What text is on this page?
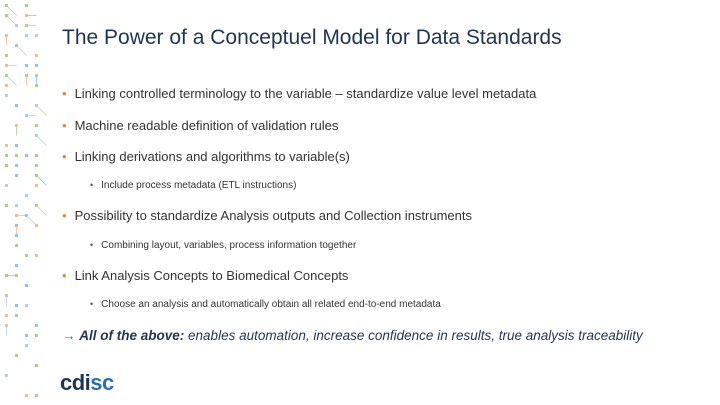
The Power of a Conceptuel Model for Data Standards
• Linking controlled terminology to the variable – standardize value level metadata
• Machine readable definition of validation rules
• Linking derivations and algorithms to variable(s)
• Include process metadata (ETL instructions)
• Possibility to standardize Analysis outputs and Collection instruments
• Combining layout, variables, process information together
• Link Analysis Concepts to Biomedical Concepts
• Choose an analysis and automatically obtain all related end-to-end metadata
→ All of the above: enables automation, increase confidence in results, true analysis traceability
cdisc
